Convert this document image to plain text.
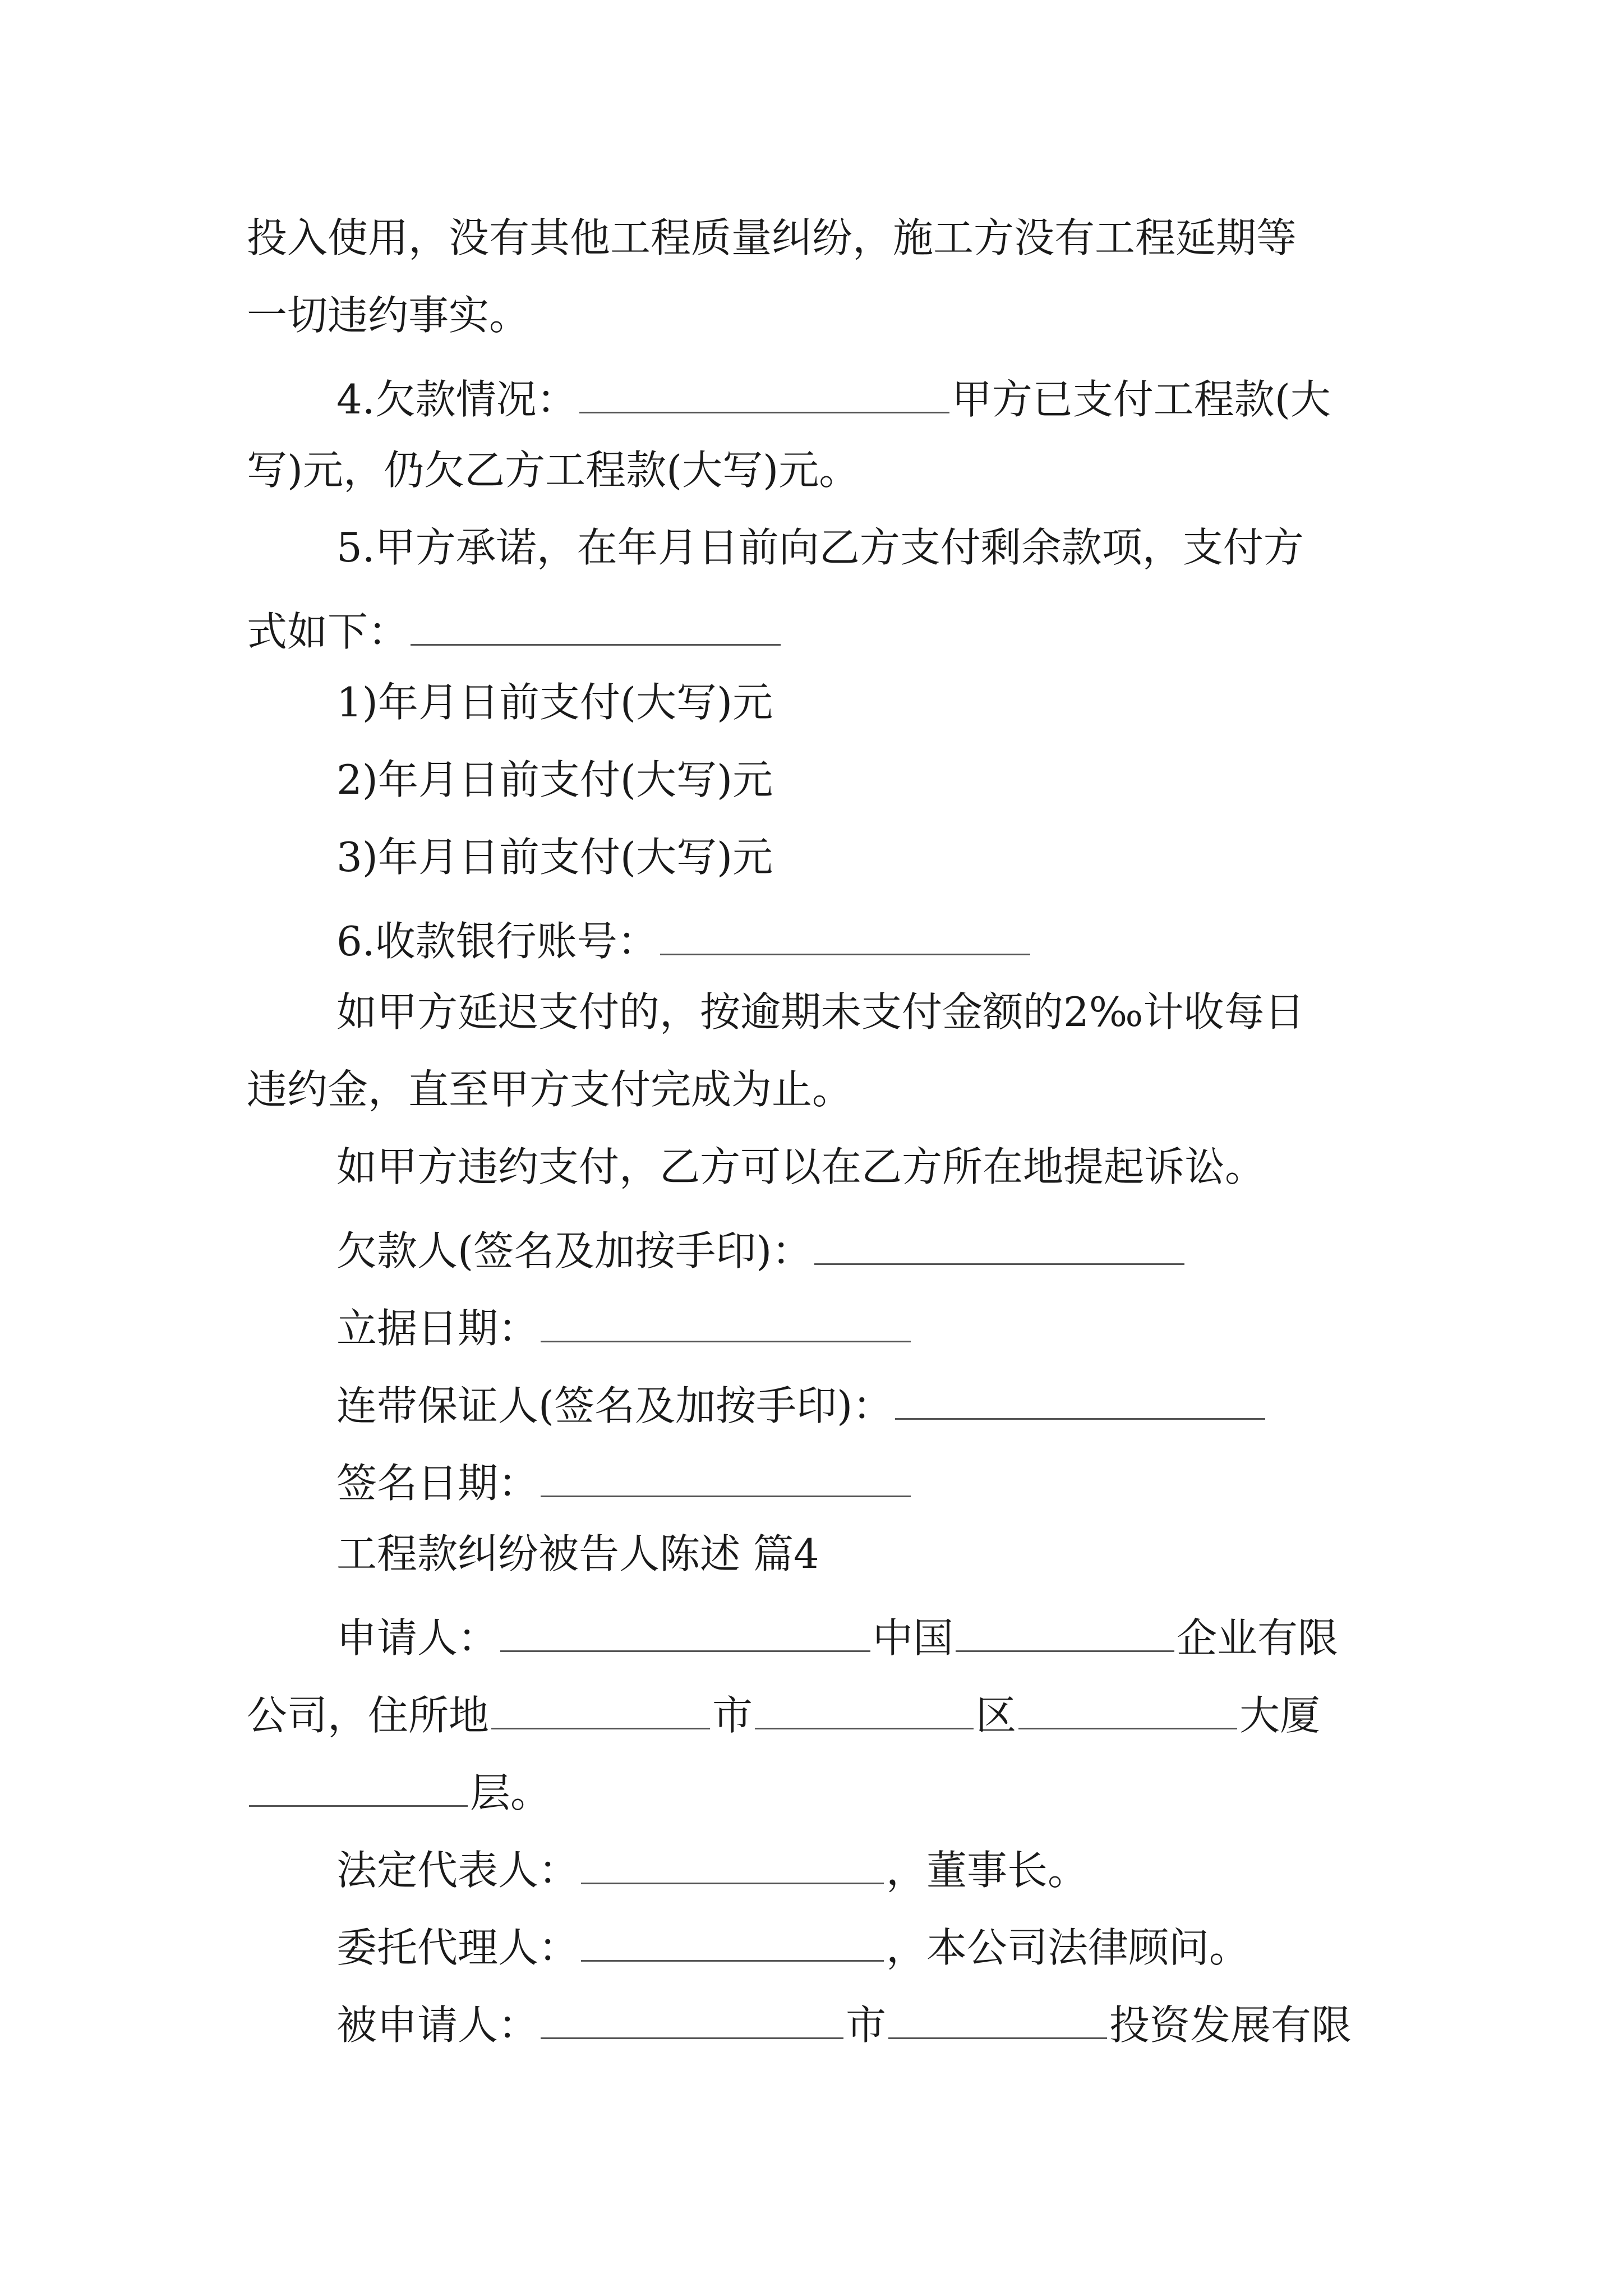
投入使用，没有其他工程质量纠纷，施工方没有工程延期等
一切违约事实。
4.欠款情况：	甲方已支付工程款(大
写)元，仍欠乙方工程款(大写)元。
5.甲方承诺，在年月日前向乙方支付剩余款项，支付方
式如下：
1)年月日前支付(大写)元
2)年月日前支付(大写)元
3)年月日前支付(大写)元
6.收款银行账号：
如甲方延迟支付的，按逾期未支付金额的2‰计收每日
违约金，直至甲方支付完成为止。
如甲方违约支付，乙方可以在乙方所在地提起诉讼。
欠款人(签名及加按手印)：
立据日期：
连带保证人(签名及加按手印)：
签名日期：
工程款纠纷被告人陈述 篇4
申请人：	中国	企业有限
公司，住所地	市	区	大厦
层。
法定代表人：	，董事长。
委托代理人：	，本公司法律顾问。
被申请人：	市	投资发展有限
